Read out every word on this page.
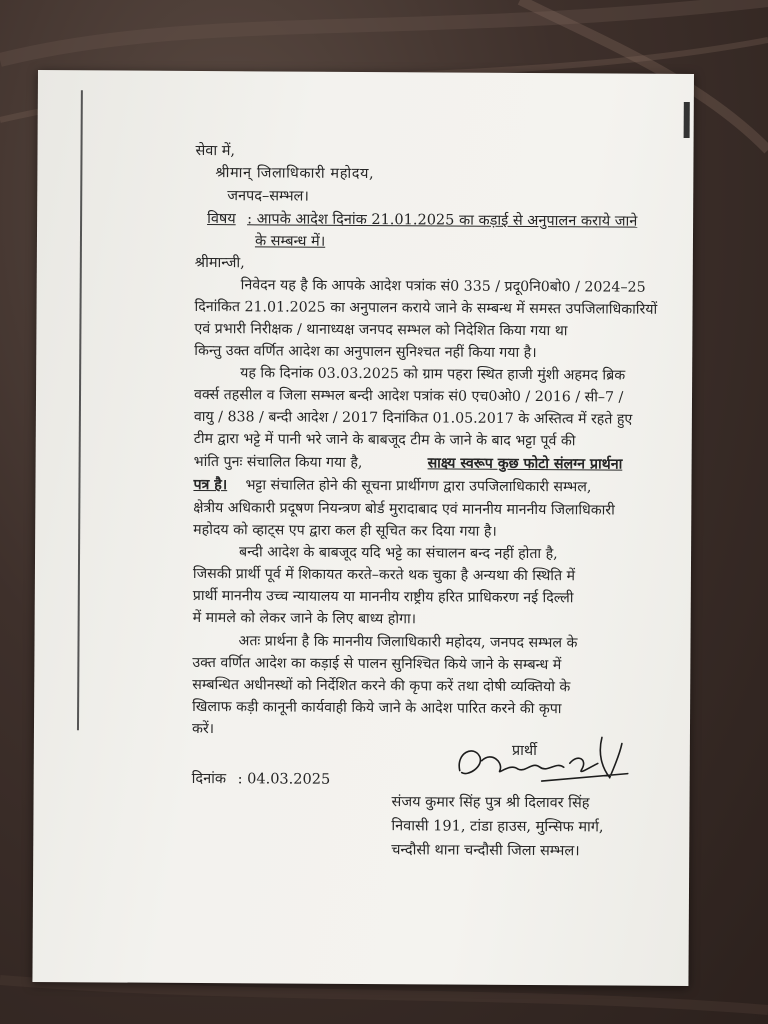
सेवा में,
श्रीमान् जिलाधिकारी महोदय,
जनपद–सम्भल।
विषय : आपके आदेश दिनांक 21.01.2025 का कड़ाई से अनुपालन कराये जाने
के सम्बन्ध में।
श्रीमान्जी,
निवेदन यह है कि आपके आदेश पत्रांक सं0 335 / प्रदू0नि0बो0 / 2024–25
दिनांकित 21.01.2025 का अनुपालन कराये जाने के सम्बन्ध में समस्त उपजिलाधिकारियों
एवं प्रभारी निरीक्षक / थानाध्यक्ष जनपद सम्भल को निदेशित किया गया था
किन्तु उक्त वर्णित आदेश का अनुपालन सुनिश्चत नहीं किया गया है।
यह कि दिनांक 03.03.2025 को ग्राम पहरा स्थित हाजी मुंशी अहमद ब्रिक
वर्क्स तहसील व जिला सम्भल बन्दी आदेश पत्रांक सं0 एच0ओ0 / 2016 / सी–7 /
वायु / 838 / बन्दी आदेश / 2017 दिनांकित 01.05.2017 के अस्तित्व में रहते हुए
टीम द्वारा भट्टे में पानी भरे जाने के बाबजूद टीम के जाने के बाद भट्टा पूर्व की
भांति पुनः संचालित किया गया है,	साक्ष्य स्वरूप कुछ फोटो संलग्न प्रार्थना
पत्र है। भट्टा संचालित होने की सूचना प्रार्थीगण द्वारा उपजिलाधिकारी सम्भल,
क्षेत्रीय अधिकारी प्रदूषण नियन्त्रण बोर्ड मुरादाबाद एवं माननीय माननीय जिलाधिकारी
महोदय को व्हाट्स एप द्वारा कल ही सूचित कर दिया गया है।
बन्दी आदेश के बाबजूद यदि भट्टे का संचालन बन्द नहीं होता है,
जिसकी प्रार्थी पूर्व में शिकायत करते–करते थक चुका है अन्यथा की स्थिति में
प्रार्थी माननीय उच्च न्यायालय या माननीय राष्ट्रीय हरित प्राधिकरण नई दिल्ली
में मामले को लेकर जाने के लिए बाध्य होगा।
अतः प्रार्थना है कि माननीय जिलाधिकारी महोदय, जनपद सम्भल के
उक्त वर्णित आदेश का कड़ाई से पालन सुनिश्चित किये जाने के सम्बन्ध में
सम्बन्धित अधीनस्थों को निर्देशित करने की कृपा करें तथा दोषी व्यक्तियो के
खिलाफ कड़ी कानूनी कार्यवाही किये जाने के आदेश पारित करने की कृपा
करें।
प्रार्थी
दिनांक : 04.03.2025
संजय कुमार सिंह पुत्र श्री दिलावर सिंह
निवासी 191, टांडा हाउस, मुन्सिफ मार्ग,
चन्दौसी थाना चन्दौसी जिला सम्भल।
